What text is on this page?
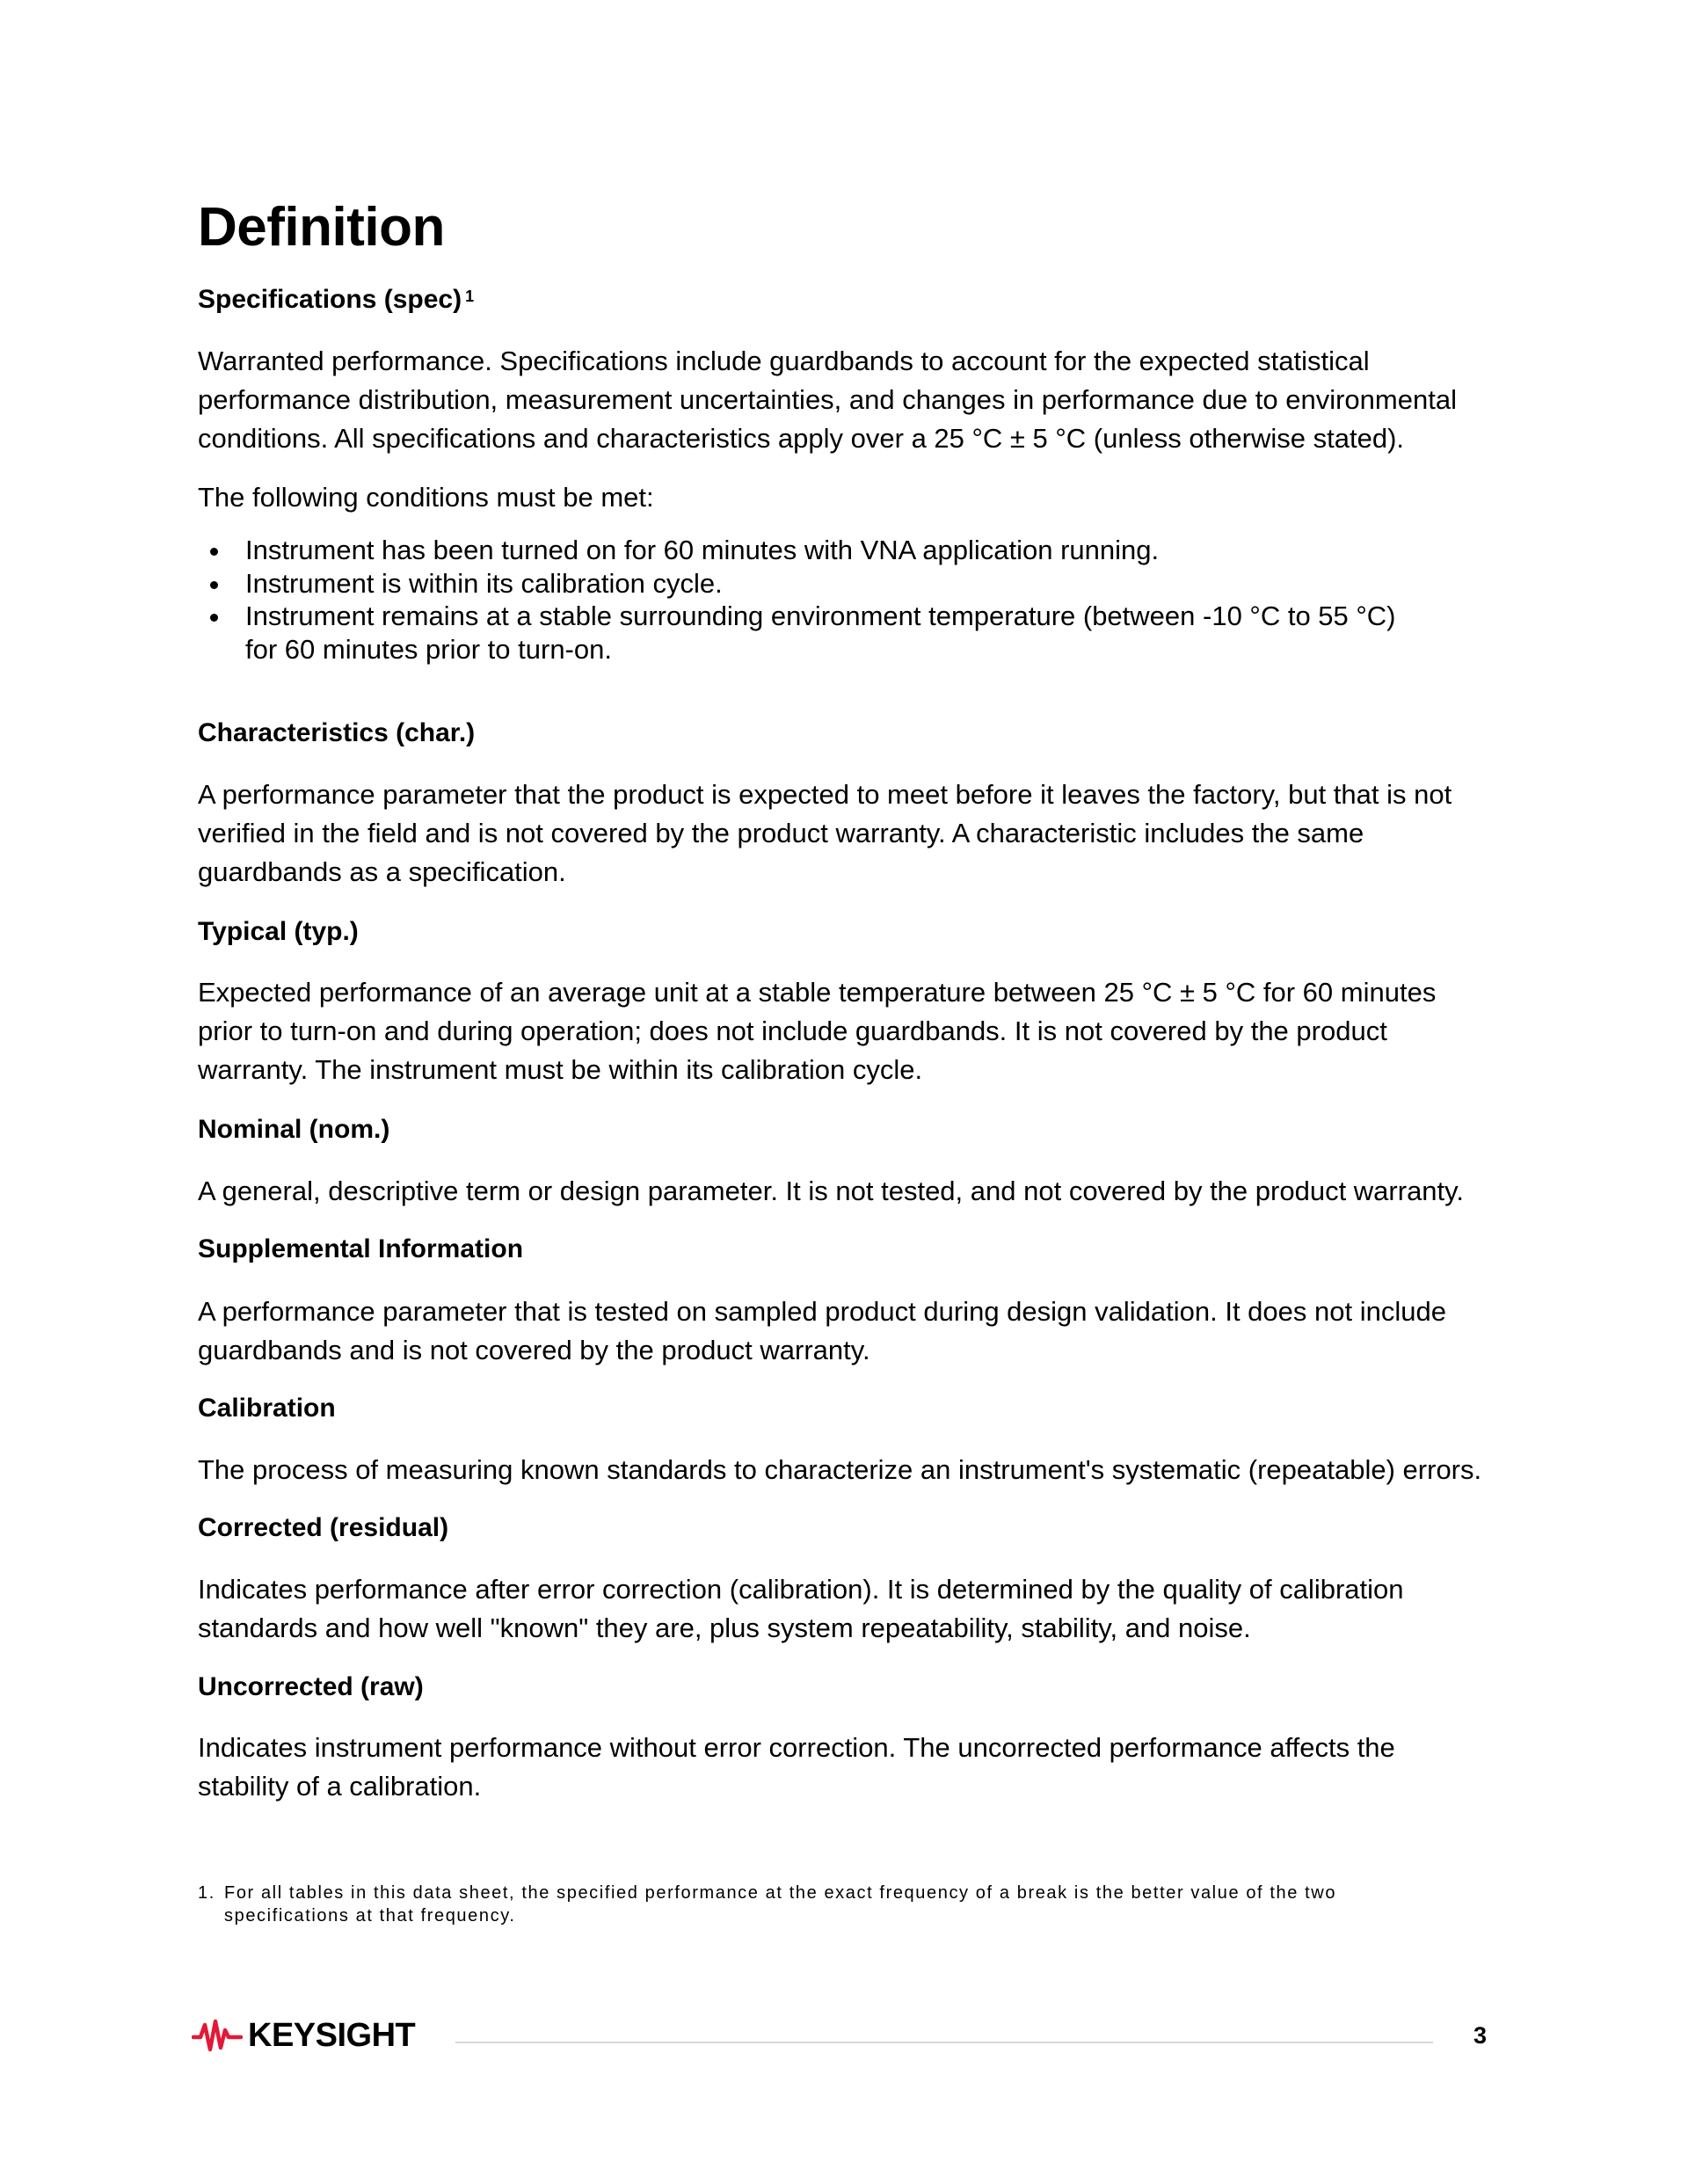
Definition
Specifications (spec) $^1$
Warranted performance. Specifications include guardbands to account for the expected statistical
performance distribution, measurement uncertainties, and changes in performance due to environmental
conditions. All specifications and characteristics apply over a 25 °C ± 5 °C (unless otherwise stated).
The following conditions must be met:
Instrument has been turned on for 60 minutes with VNA application running.
Instrument is within its calibration cycle.
Instrument remains at a stable surrounding environment temperature (between -10 °C to 55 °C)
for 60 minutes prior to turn-on.
Characteristics (char.)
A performance parameter that the product is expected to meet before it leaves the factory, but that is not
verified in the field and is not covered by the product warranty. A characteristic includes the same
guardbands as a specification.
Typical (typ.)
Expected performance of an average unit at a stable temperature between 25 °C ± 5 °C for 60 minutes
prior to turn-on and during operation; does not include guardbands. It is not covered by the product
warranty. The instrument must be within its calibration cycle.
Nominal (nom.)
A general, descriptive term or design parameter. It is not tested, and not covered by the product warranty.
Supplemental Information
A performance parameter that is tested on sampled product during design validation. It does not include
guardbands and is not covered by the product warranty.
Calibration
The process of measuring known standards to characterize an instrument's systematic (repeatable) errors.
Corrected (residual)
Indicates performance after error correction (calibration). It is determined by the quality of calibration
standards and how well "known" they are, plus system repeatability, stability, and noise.
Uncorrected (raw)
Indicates instrument performance without error correction. The uncorrected performance affects the
stability of a calibration.
1. For all tables in this data sheet, the specified performance at the exact frequency of a break is the better value of the two
specifications at that frequency.
KEYSIGHT	3
